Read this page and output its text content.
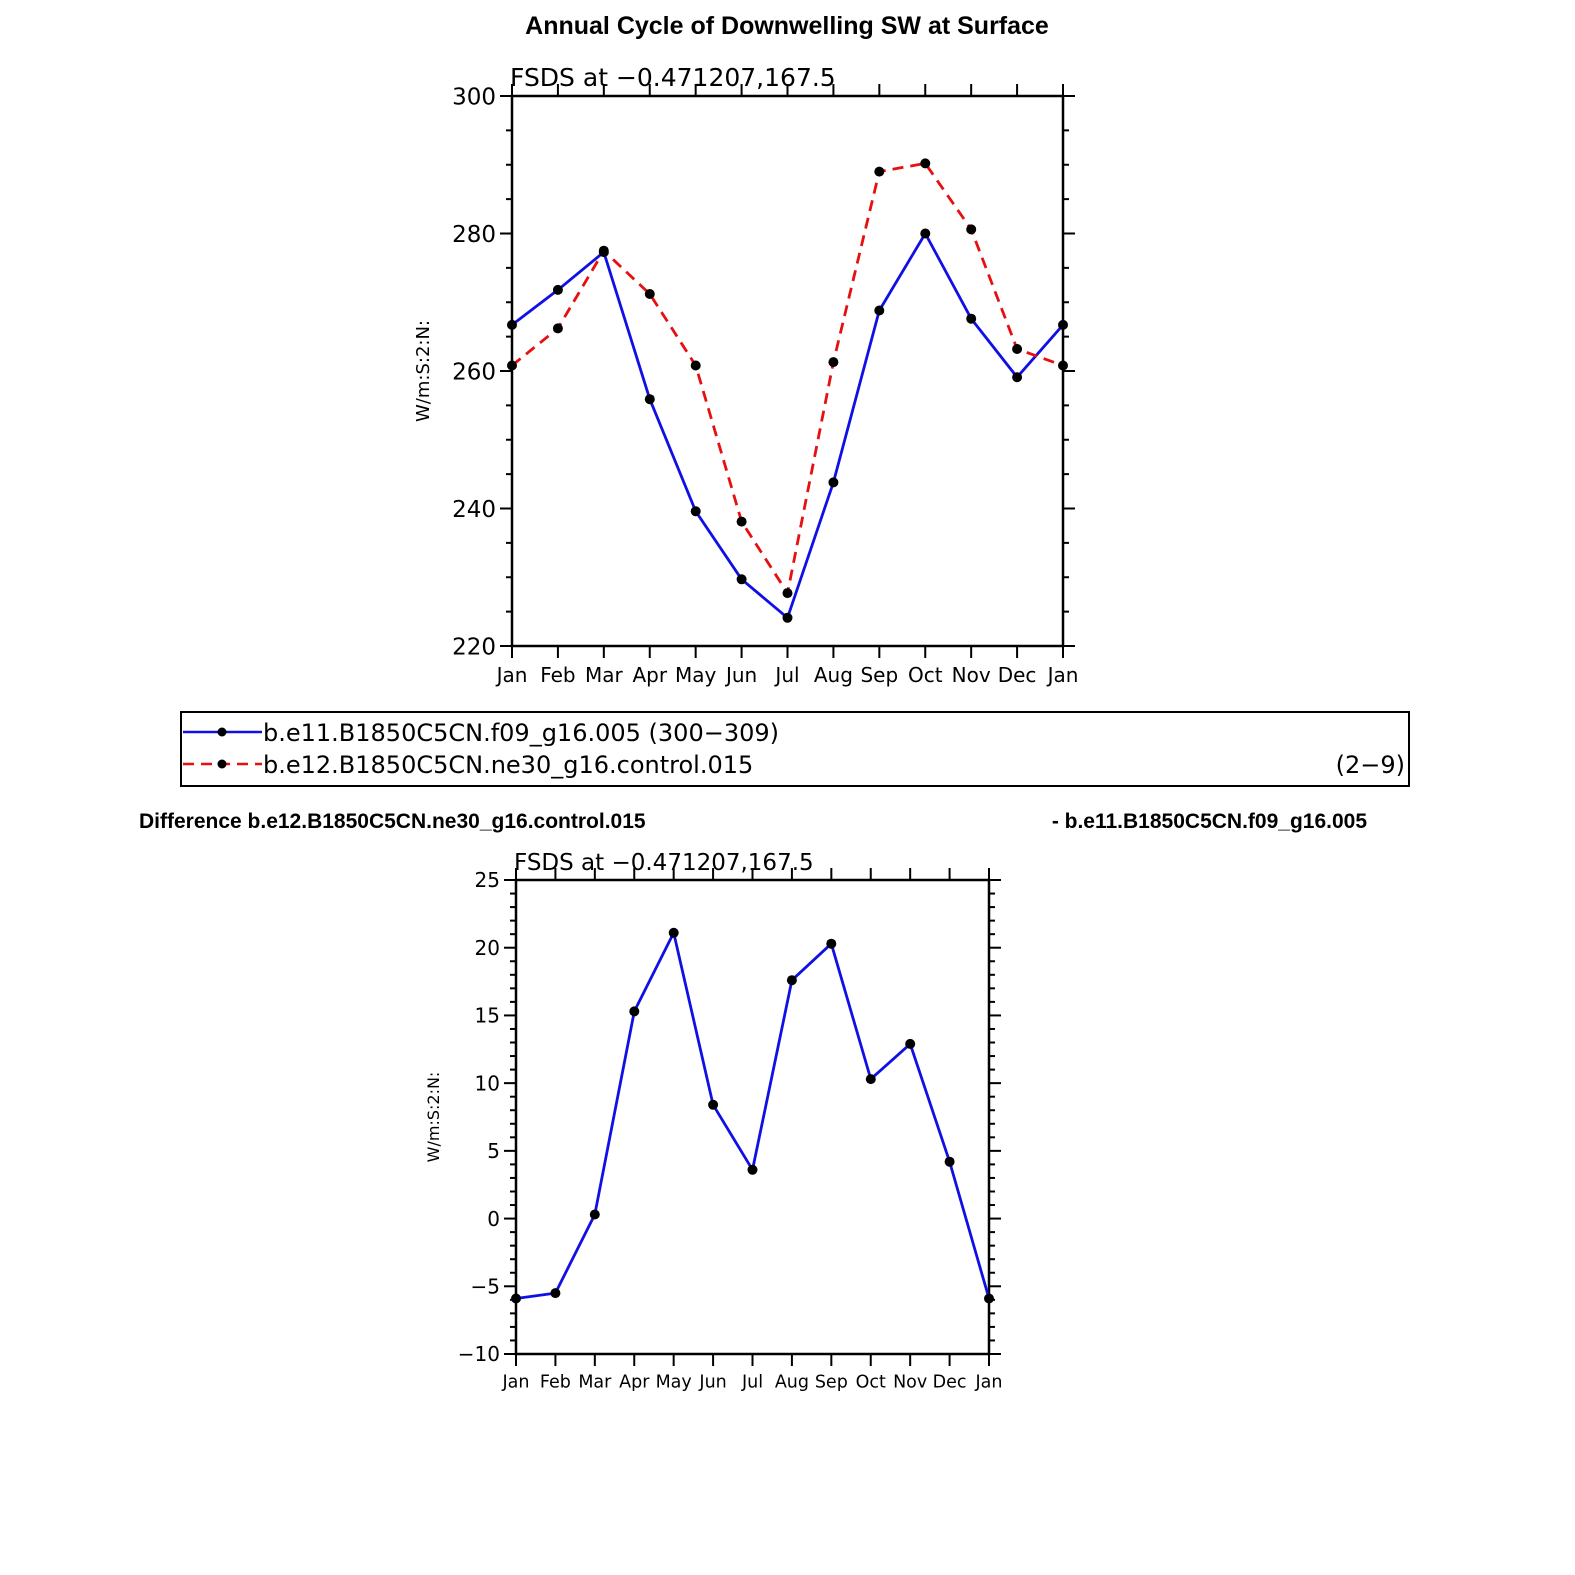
Annual Cycle of Downwelling SW at Surface
FSDS at −0.471207,167.5
W/m:S:2:N:
220
240
260
280
300
Jan Feb Mar Apr May Jun Jul Aug Sep Oct Nov Dec Jan
b.e11.B1850C5CN.f09_g16.005 (300−309)
b.e12.B1850C5CN.ne30_g16.control.015	(2−9)
Difference b.e12.B1850C5CN.ne30_g16.control.015	- b.e11.B1850C5CN.f09_g16.005
FSDS at −0.471207,167.5
W/m:S:2:N:
−10
−5
0
5
10
15
20
25
Jan Feb Mar Apr May Jun Jul Aug Sep Oct Nov Dec Jan
